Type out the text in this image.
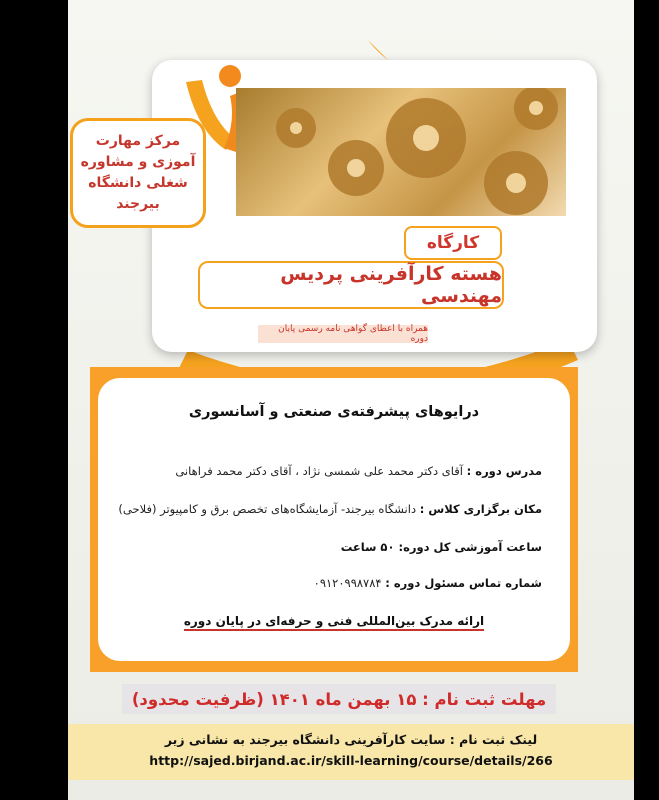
مرکز مهارت آموزی و مشاوره شغلی دانشگاه بیرجند
کارگاه
هسته کارآفرینی پردیس مهندسی
همراه با اعطای گواهی نامه رسمی پایان دوره
درایوهای پیشرفته‌ی صنعتی و آسانسوری
مدرس دوره : آقای دکتر محمد علی شمسی نژاد ، آقای دکتر محمد فراهانی
مکان برگزاری کلاس : دانشگاه بیرجند- آزمایشگاه‌های تخصص برق و کامپیوتر (فلاحی)
ساعت آموزشی کل دوره: ۵۰ ساعت
شماره تماس مسئول دوره : ۰۹۱۲۰۹۹۸۷۸۴
ارائه مدرک بین‌المللی فنی و حرفه‌ای در پایان دوره
مهلت ثبت نام : ۱۵ بهمن ماه ۱۴۰۱ (ظرفیت محدود)
لینک ثبت نام : سایت کارآفرینی دانشگاه بیرجند به نشانی زیر
http://sajed.birjand.ac.ir/skill-learning/course/details/266
